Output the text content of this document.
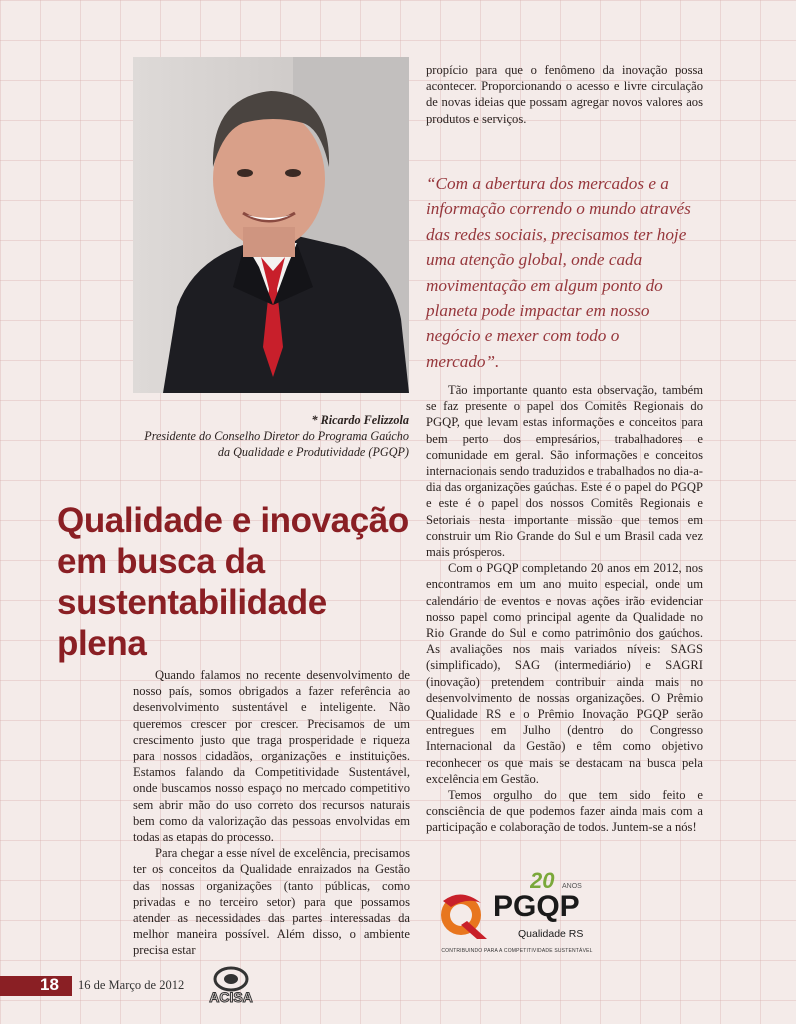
* Ricardo Felizzola
Presidente do Conselho Diretor do Programa Gaúcho da Qualidade e Produtividade (PGQP)
Qualidade e inovação em busca da sustentabilidade plena

propício para que o fenômeno da inovação possa acontecer. Proporcionando o acesso e livre circulação de novas ideias que possam agregar novos valores aos produtos e serviços.

“Com a abertura dos mercados e a informação correndo o mundo através das redes sociais, precisamos ter hoje uma atenção global, onde cada movimentação em algum ponto do planeta pode impactar em nosso negócio e mexer com todo o mercado”.

Quando falamos no recente desenvolvimento de nosso país, somos obrigados a fazer referência ao desenvolvimento sustentável e inteligente. Não queremos crescer por crescer. Precisamos de um crescimento justo que traga prosperidade e riqueza para nossos cidadãos, organizações e instituições. Estamos falando da Competitividade Sustentável, onde buscamos nosso espaço no mercado competitivo sem abrir mão do uso correto dos recursos naturais bem como da valorização das pessoas envolvidas em todas as etapas do processo.

Para chegar a esse nível de excelência, precisamos ter os conceitos da Qualidade enraizados na Gestão das nossas organizações (tanto públicas, como privadas e no terceiro setor) para que possamos atender as necessidades das partes interessadas da melhor maneira possível. Além disso, o ambiente precisa estar

Tão importante quanto esta observação, também se faz presente o papel dos Comitês Regionais do PGQP, que levam estas informações e conceitos para bem perto dos empresários, trabalhadores e comunidade em geral. São informações e conceitos internacionais sendo traduzidos e trabalhados no dia-a-dia das organizações gaúchas. Este é o papel do PGQP e este é o papel dos nossos Comitês Regionais e Setoriais nesta importante missão que temos em construir um Rio Grande do Sul e um Brasil cada vez mais prósperos.

Com o PGQP completando 20 anos em 2012, nos encontramos em um ano muito especial, onde um calendário de eventos e novas ações irão evidenciar nosso papel como principal agente da Qualidade no Rio Grande do Sul e como patrimônio dos gaúchos. As avaliações nos mais variados níveis: SAGS (simplificado), SAG (intermediário) e SAGRI (inovação) pretendem contribuir ainda mais no desenvolvimento de nossas organizações. O Prêmio Qualidade RS e o Prêmio Inovação PGQP serão entregues em Julho (dentro do Congresso Internacional da Gestão) e têm como objetivo reconhecer os que mais se destacam na busca pela excelência em Gestão.

Temos orgulho do que tem sido feito e consciência de que podemos fazer ainda mais com a participação e colaboração de todos. Juntem-se a nós!

20 ANOS
PGQP
Qualidade RS
CONTRIBUINDO PARA A COMPETITIVIDADE SUSTENTÁVEL
18 16 de Março de 2012
ACISA
